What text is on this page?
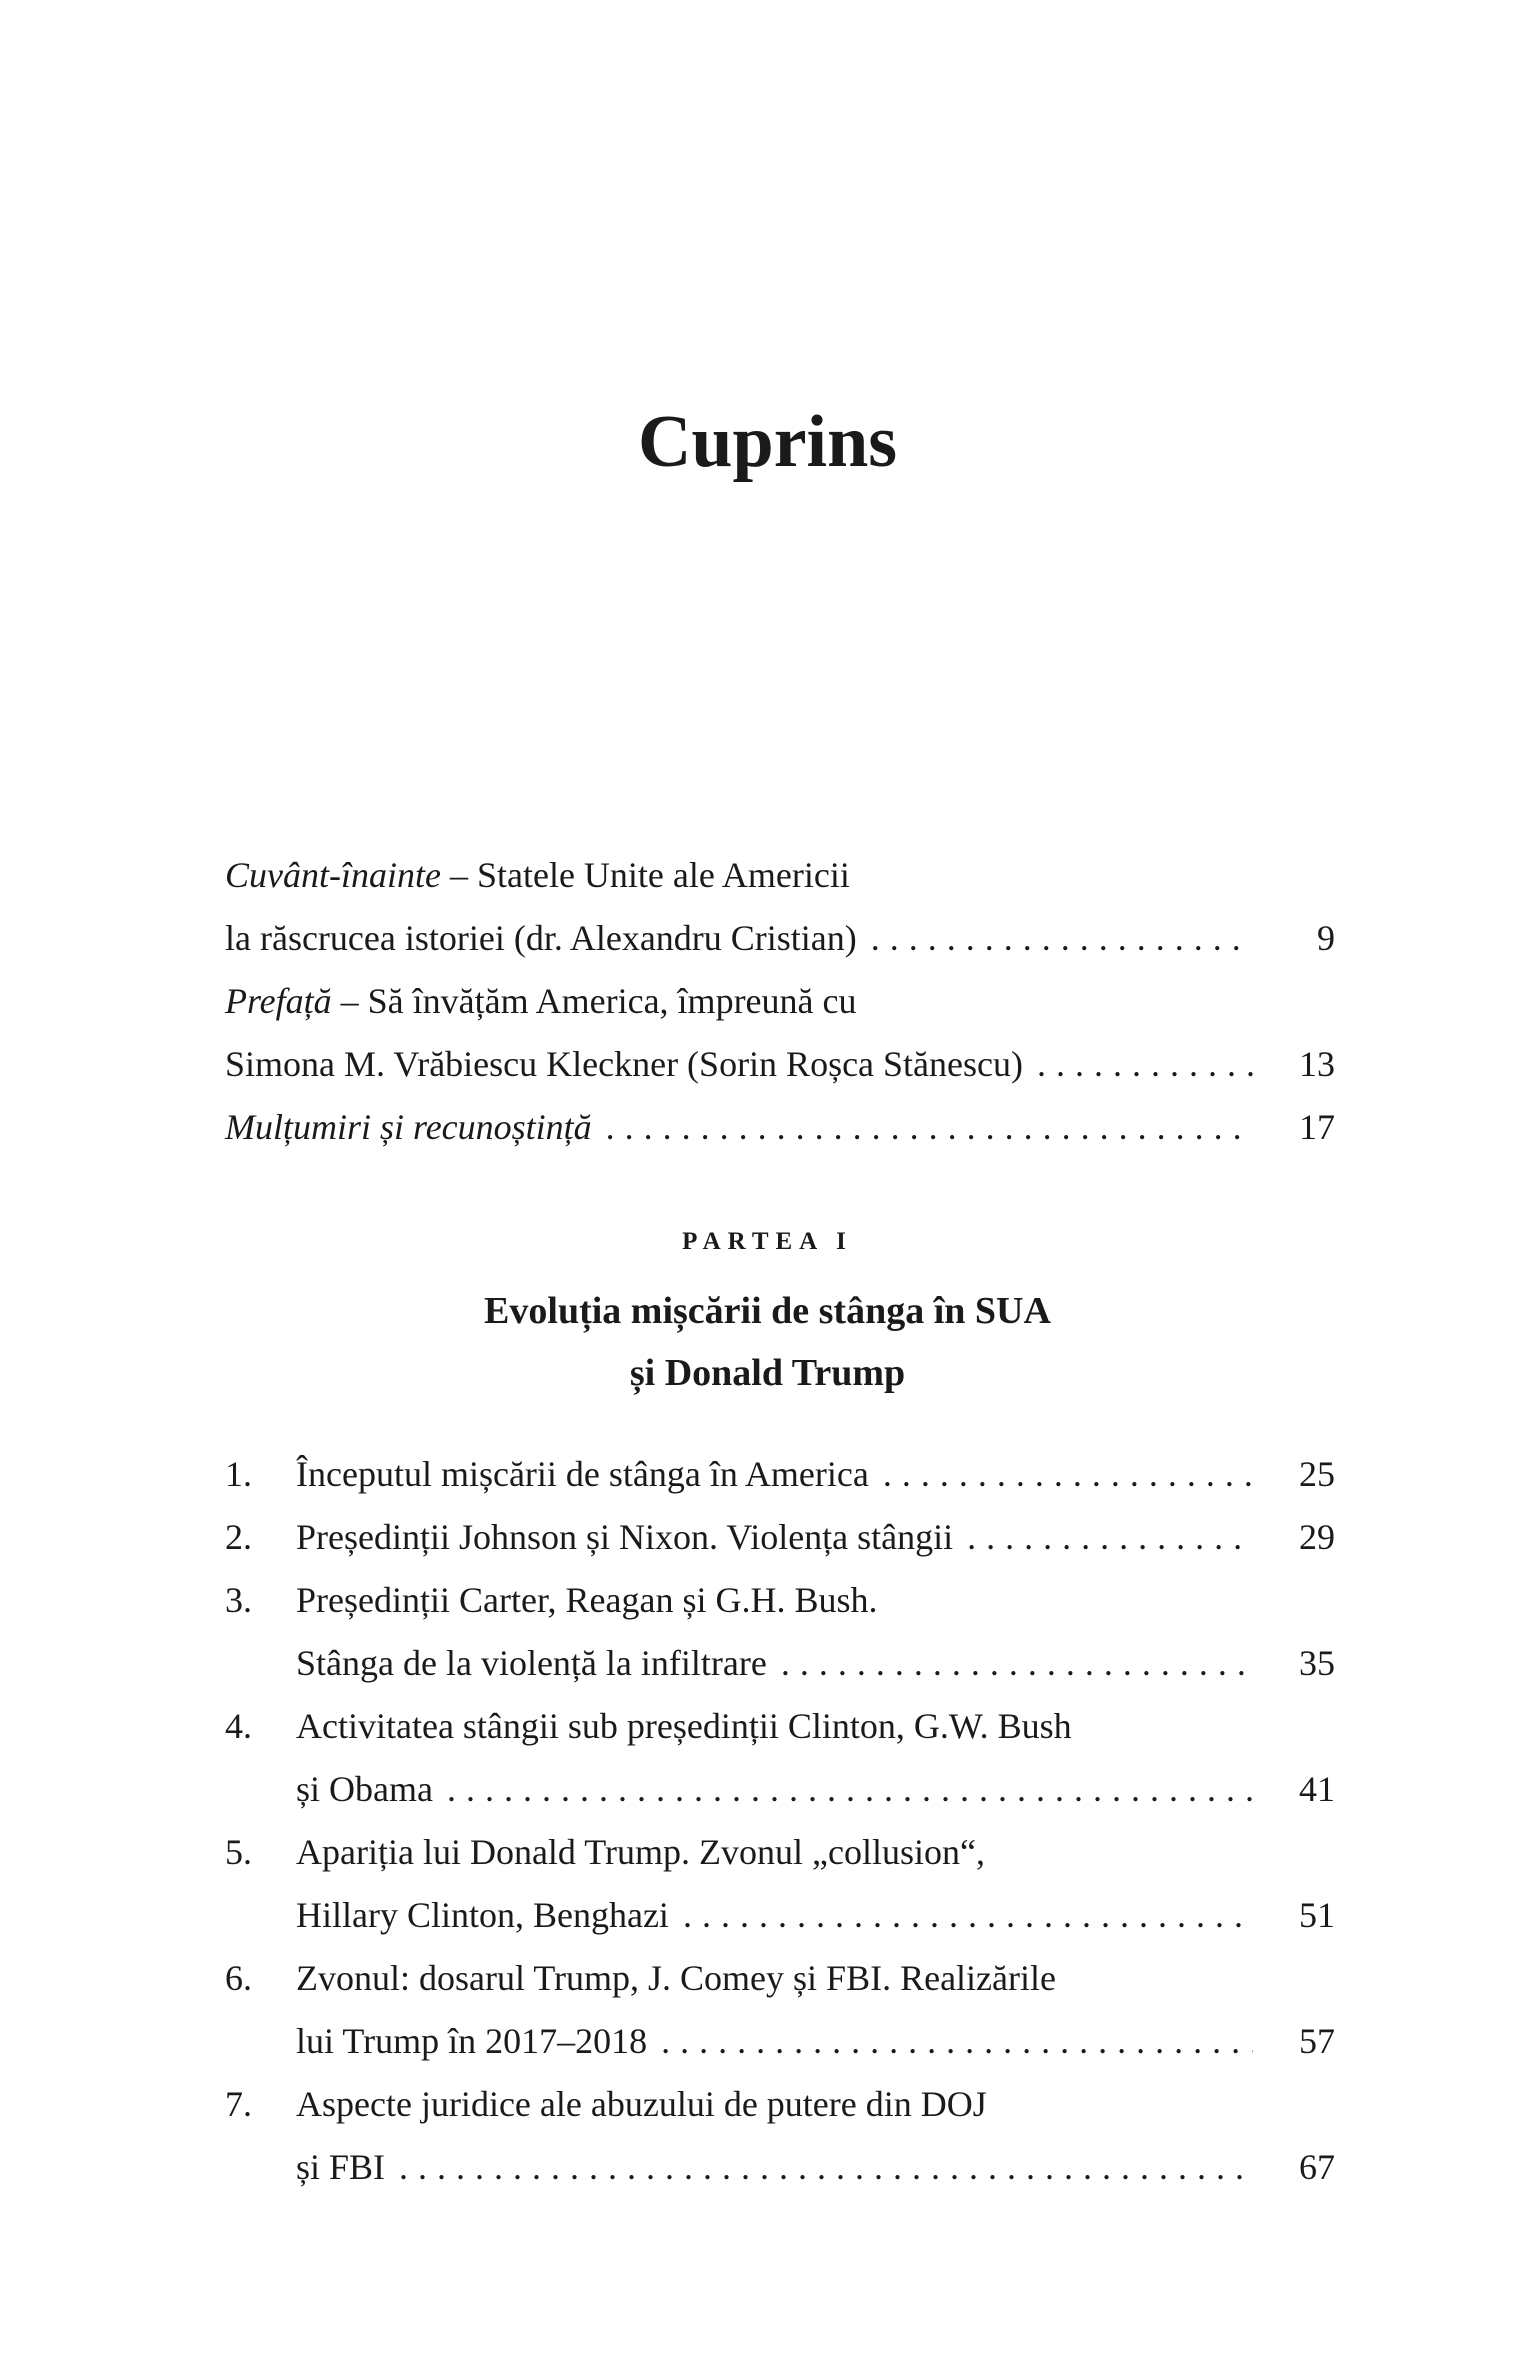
Cuprins
Cuvânt-înainte – Statele Unite ale Americii
la răscrucea istoriei (dr. Alexandru Cristian) . . .	9
Prefață – Să învățăm America, împreună cu
Simona M. Vrăbiescu Kleckner (Sorin Roșca Stănescu) . . .	13
Mulțumiri și recunoștință . . .	17
PARTEA I
Evoluția mișcării de stânga în SUA
și Donald Trump
1.	Începutul mișcării de stânga în America . . .	25
2.	Președinții Johnson și Nixon. Violența stângii . . .	29
3.	Președinții Carter, Reagan și G.H. Bush.
Stânga de la violență la infiltrare . . .	35
4.	Activitatea stângii sub președinții Clinton, G.W. Bush
și Obama . . .	41
5.	Apariția lui Donald Trump. Zvonul „collusion“,
Hillary Clinton, Benghazi . . .	51
6.	Zvonul: dosarul Trump, J. Comey și FBI. Realizările
lui Trump în 2017–2018 . . .	57
7.	Aspecte juridice ale abuzului de putere din DOJ
și FBI . . .	67
